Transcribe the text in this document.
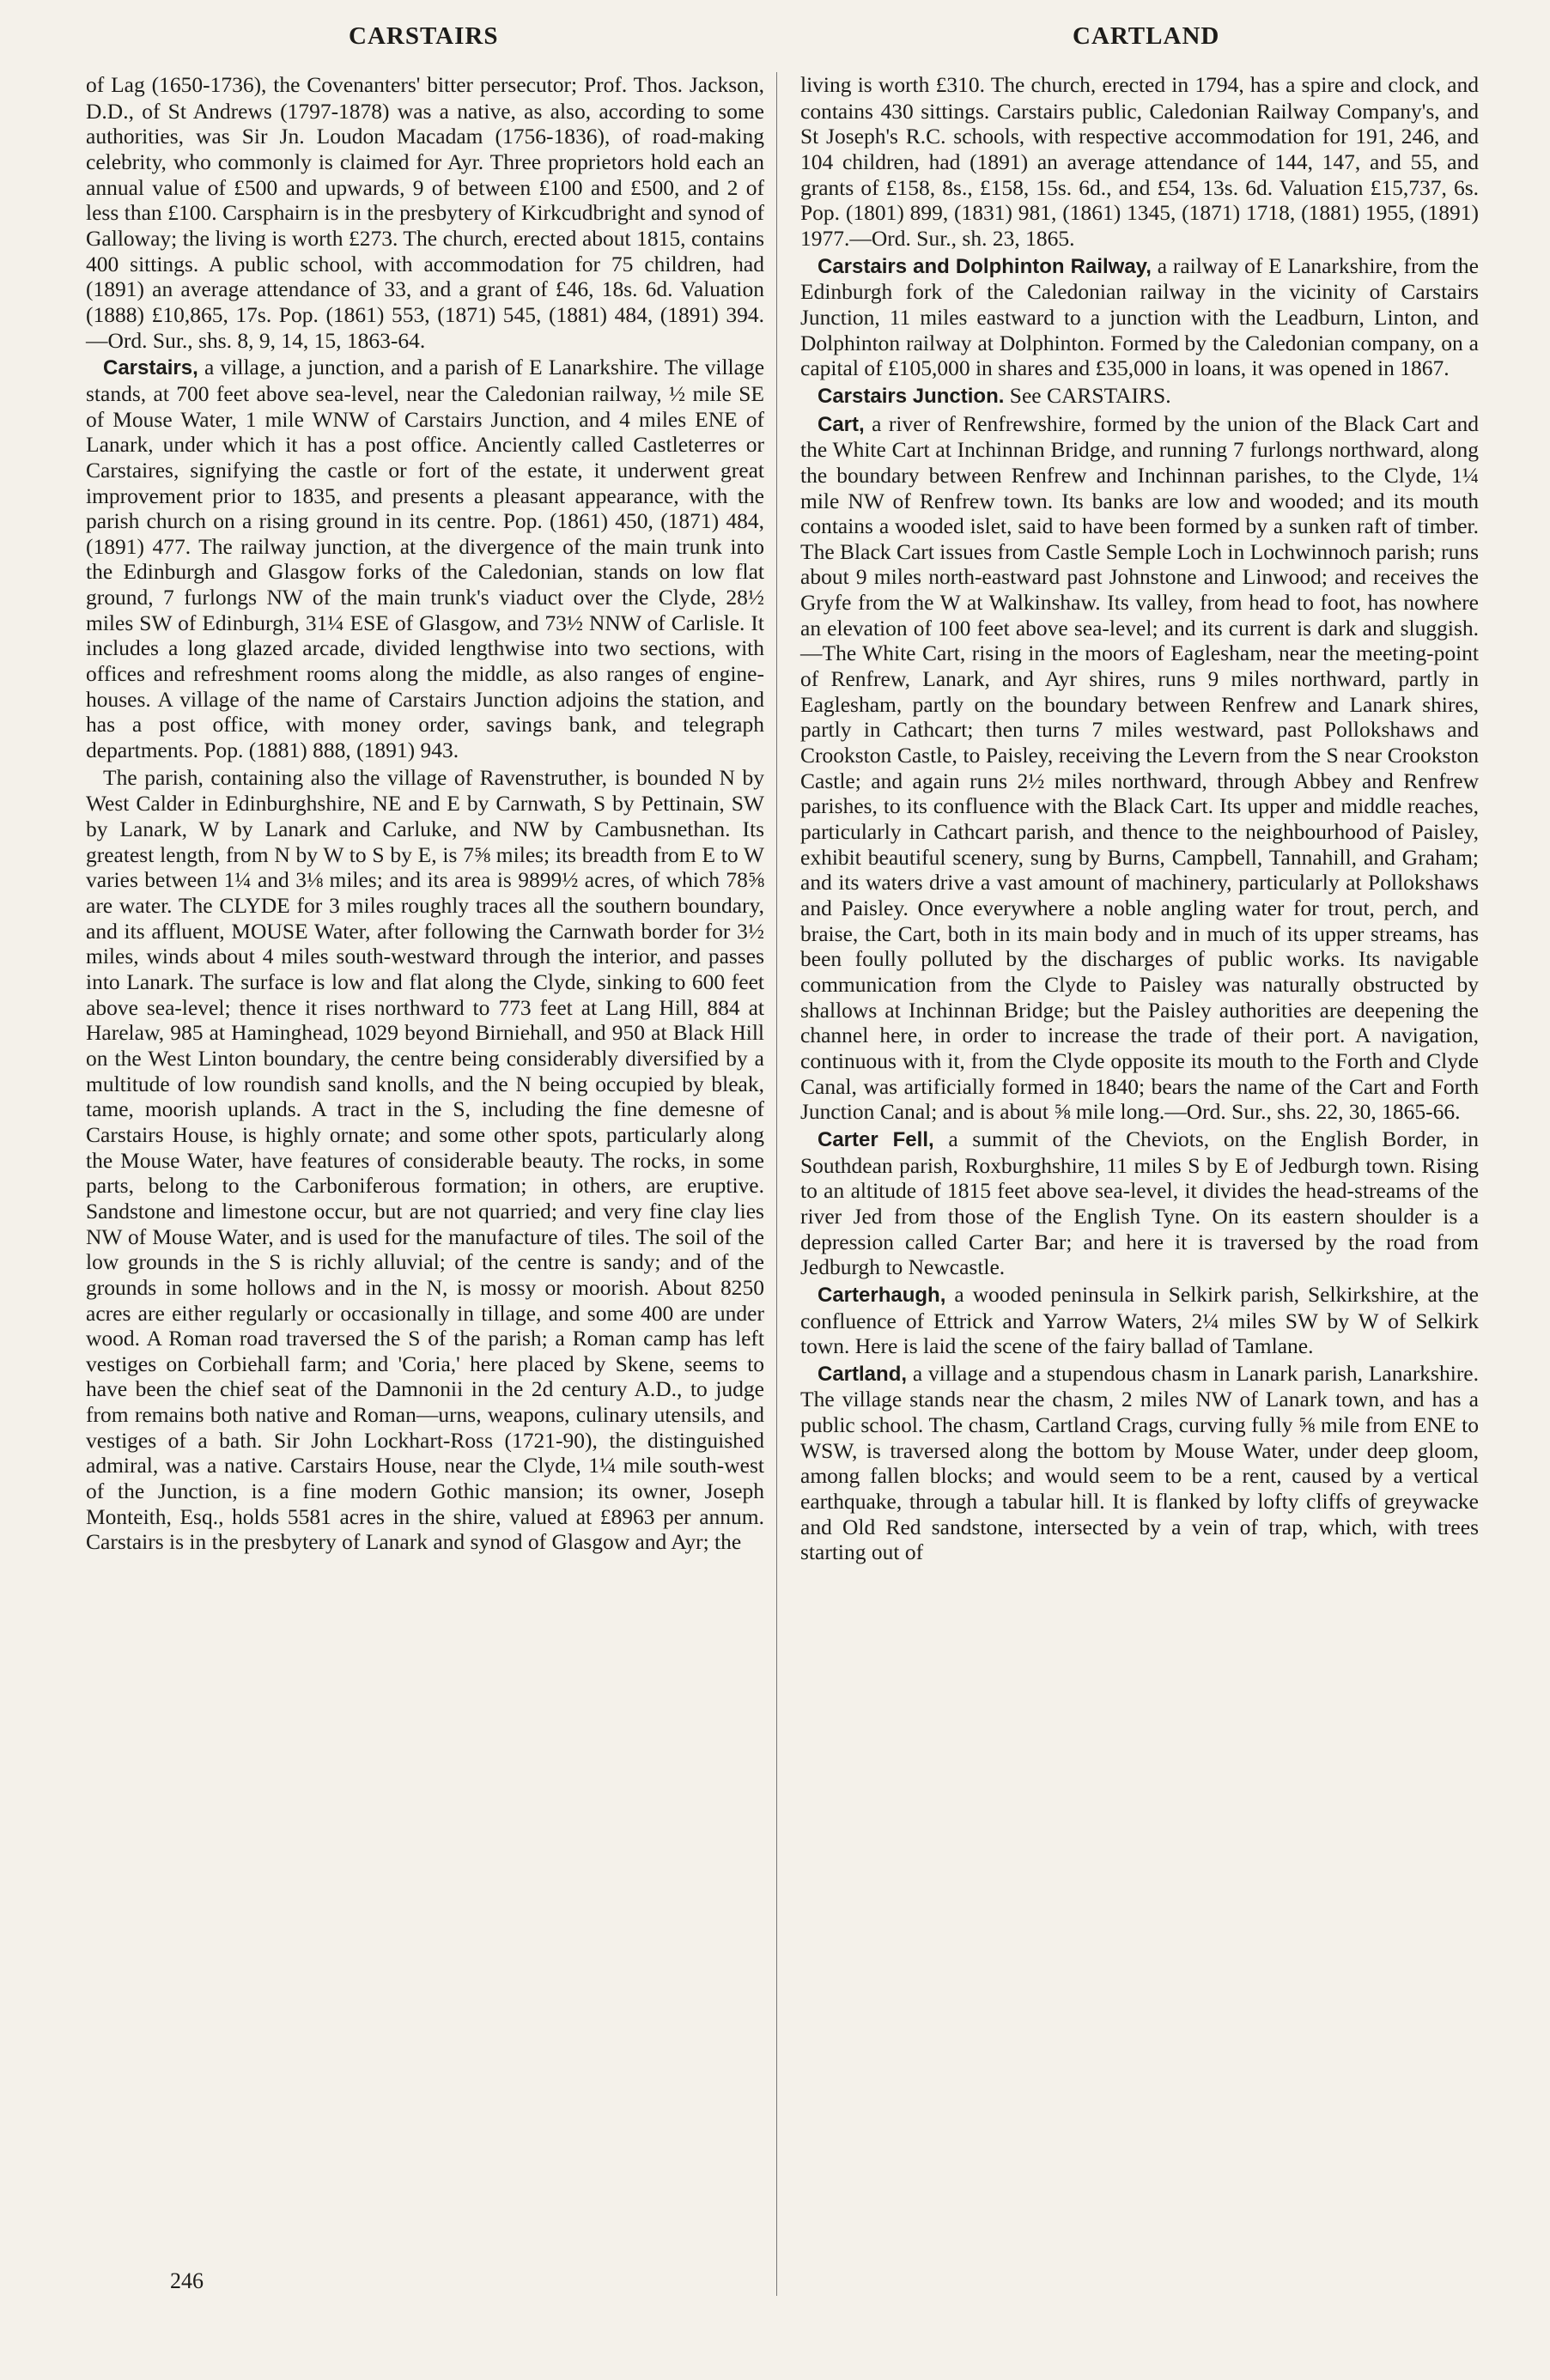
CARSTAIRS	CARTLAND

of Lag (1650-1736), the Covenanters' bitter persecutor; Prof. Thos. Jackson, D.D., of St Andrews (1797-1878) was a native, as also, according to some authorities, was Sir Jn. Loudon Macadam (1756-1836), of road-making celebrity, who commonly is claimed for Ayr. Three proprietors hold each an annual value of £500 and upwards, 9 of between £100 and £500, and 2 of less than £100. Carsphairn is in the presbytery of Kirkcudbright and synod of Galloway; the living is worth £273. The church, erected about 1815, contains 400 sittings. A public school, with accommodation for 75 children, had (1891) an average attendance of 33, and a grant of £46, 18s. 6d. Valuation (1888) £10,865, 17s. Pop. (1861) 553, (1871) 545, (1881) 484, (1891) 394.—Ord. Sur., shs. 8, 9, 14, 15, 1863-64.

Carstairs, a village, a junction, and a parish of E Lanarkshire. The village stands, at 700 feet above sea-level, near the Caledonian railway, ½ mile SE of Mouse Water, 1 mile WNW of Carstairs Junction, and 4 miles ENE of Lanark, under which it has a post office. Anciently called Castleterres or Carstaires, signifying the castle or fort of the estate, it underwent great improvement prior to 1835, and presents a pleasant appearance, with the parish church on a rising ground in its centre. Pop. (1861) 450, (1871) 484, (1891) 477. The railway junction, at the divergence of the main trunk into the Edinburgh and Glasgow forks of the Caledonian, stands on low flat ground, 7 furlongs NW of the main trunk's viaduct over the Clyde, 28½ miles SW of Edinburgh, 31¼ ESE of Glasgow, and 73½ NNW of Carlisle. It includes a long glazed arcade, divided lengthwise into two sections, with offices and refreshment rooms along the middle, as also ranges of engine-houses. A village of the name of Carstairs Junction adjoins the station, and has a post office, with money order, savings bank, and telegraph departments. Pop. (1881) 888, (1891) 943.

The parish, containing also the village of Ravenstruther, is bounded N by West Calder in Edinburghshire, NE and E by Carnwath, S by Pettinain, SW by Lanark, W by Lanark and Carluke, and NW by Cambusnethan. Its greatest length, from N by W to S by E, is 7⅝ miles; its breadth from E to W varies between 1¼ and 3⅛ miles; and its area is 9899½ acres, of which 78⅝ are water. The CLYDE for 3 miles roughly traces all the southern boundary, and its affluent, MOUSE Water, after following the Carnwath border for 3½ miles, winds about 4 miles south-westward through the interior, and passes into Lanark. The surface is low and flat along the Clyde, sinking to 600 feet above sea-level; thence it rises northward to 773 feet at Lang Hill, 884 at Harelaw, 985 at Haminghead, 1029 beyond Birniehall, and 950 at Black Hill on the West Linton boundary, the centre being considerably diversified by a multitude of low roundish sand knolls, and the N being occupied by bleak, tame, moorish uplands. A tract in the S, including the fine demesne of Carstairs House, is highly ornate; and some other spots, particularly along the Mouse Water, have features of considerable beauty. The rocks, in some parts, belong to the Carboniferous formation; in others, are eruptive. Sandstone and limestone occur, but are not quarried; and very fine clay lies NW of Mouse Water, and is used for the manufacture of tiles. The soil of the low grounds in the S is richly alluvial; of the centre is sandy; and of the grounds in some hollows and in the N, is mossy or moorish. About 8250 acres are either regularly or occasionally in tillage, and some 400 are under wood. A Roman road traversed the S of the parish; a Roman camp has left vestiges on Corbiehall farm; and 'Coria,' here placed by Skene, seems to have been the chief seat of the Damnonii in the 2d century A.D., to judge from remains both native and Roman—urns, weapons, culinary utensils, and vestiges of a bath. Sir John Lockhart-Ross (1721-90), the distinguished admiral, was a native. Carstairs House, near the Clyde, 1¼ mile south-west of the Junction, is a fine modern Gothic mansion; its owner, Joseph Monteith, Esq., holds 5581 acres in the shire, valued at £8963 per annum. Carstairs is in the presbytery of Lanark and synod of Glasgow and Ayr; the

living is worth £310. The church, erected in 1794, has a spire and clock, and contains 430 sittings. Carstairs public, Caledonian Railway Company's, and St Joseph's R.C. schools, with respective accommodation for 191, 246, and 104 children, had (1891) an average attendance of 144, 147, and 55, and grants of £158, 8s., £158, 15s. 6d., and £54, 13s. 6d. Valuation £15,737, 6s. Pop. (1801) 899, (1831) 981, (1861) 1345, (1871) 1718, (1881) 1955, (1891) 1977.—Ord. Sur., sh. 23, 1865.

Carstairs and Dolphinton Railway, a railway of E Lanarkshire, from the Edinburgh fork of the Caledonian railway in the vicinity of Carstairs Junction, 11 miles eastward to a junction with the Leadburn, Linton, and Dolphinton railway at Dolphinton. Formed by the Caledonian company, on a capital of £105,000 in shares and £35,000 in loans, it was opened in 1867.

Carstairs Junction. See CARSTAIRS.

Cart, a river of Renfrewshire, formed by the union of the Black Cart and the White Cart at Inchinnan Bridge, and running 7 furlongs northward, along the boundary between Renfrew and Inchinnan parishes, to the Clyde, 1¼ mile NW of Renfrew town. Its banks are low and wooded; and its mouth contains a wooded islet, said to have been formed by a sunken raft of timber. The Black Cart issues from Castle Semple Loch in Lochwinnoch parish; runs about 9 miles north-eastward past Johnstone and Linwood; and receives the Gryfe from the W at Walkinshaw. Its valley, from head to foot, has nowhere an elevation of 100 feet above sea-level; and its current is dark and sluggish.—The White Cart, rising in the moors of Eaglesham, near the meeting-point of Renfrew, Lanark, and Ayr shires, runs 9 miles northward, partly in Eaglesham, partly on the boundary between Renfrew and Lanark shires, partly in Cathcart; then turns 7 miles westward, past Pollokshaws and Crookston Castle, to Paisley, receiving the Levern from the S near Crookston Castle; and again runs 2½ miles northward, through Abbey and Renfrew parishes, to its confluence with the Black Cart. Its upper and middle reaches, particularly in Cathcart parish, and thence to the neighbourhood of Paisley, exhibit beautiful scenery, sung by Burns, Campbell, Tannahill, and Graham; and its waters drive a vast amount of machinery, particularly at Pollokshaws and Paisley. Once everywhere a noble angling water for trout, perch, and braise, the Cart, both in its main body and in much of its upper streams, has been foully polluted by the discharges of public works. Its navigable communication from the Clyde to Paisley was naturally obstructed by shallows at Inchinnan Bridge; but the Paisley authorities are deepening the channel here, in order to increase the trade of their port. A navigation, continuous with it, from the Clyde opposite its mouth to the Forth and Clyde Canal, was artificially formed in 1840; bears the name of the Cart and Forth Junction Canal; and is about ⅝ mile long.—Ord. Sur., shs. 22, 30, 1865-66.

Carter Fell, a summit of the Cheviots, on the English Border, in Southdean parish, Roxburghshire, 11 miles S by E of Jedburgh town. Rising to an altitude of 1815 feet above sea-level, it divides the head-streams of the river Jed from those of the English Tyne. On its eastern shoulder is a depression called Carter Bar; and here it is traversed by the road from Jedburgh to Newcastle.

Carterhaugh, a wooded peninsula in Selkirk parish, Selkirkshire, at the confluence of Ettrick and Yarrow Waters, 2¼ miles SW by W of Selkirk town. Here is laid the scene of the fairy ballad of Tamlane.

Cartland, a village and a stupendous chasm in Lanark parish, Lanarkshire. The village stands near the chasm, 2 miles NW of Lanark town, and has a public school. The chasm, Cartland Crags, curving fully ⅝ mile from ENE to WSW, is traversed along the bottom by Mouse Water, under deep gloom, among fallen blocks; and would seem to be a rent, caused by a vertical earthquake, through a tabular hill. It is flanked by lofty cliffs of greywacke and Old Red sandstone, intersected by a vein of trap, which, with trees starting out of

246
